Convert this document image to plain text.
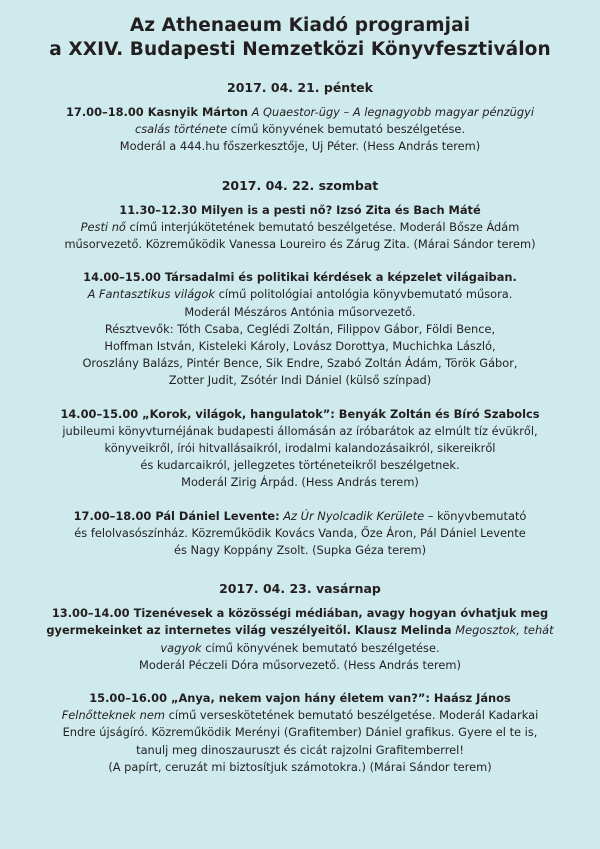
Az Athenaeum Kiadó programjai

a XXIV. Budapesti Nemzetközi Könyvfesztiválon

2017. 04. 21. péntek

17.00–18.00 Kasnyik Márton A Quaestor-ügy – A legnagyobb magyar pénzügyi

csalás története című könyvének bemutató beszélgetése.

Moderál a 444.hu főszerkesztője, Uj Péter. (Hess András terem)

2017. 04. 22. szombat

11.30–12.30 Milyen is a pesti nő? Izsó Zita és Bach Máté

Pesti nő című interjúkötetének bemutató beszélgetése. Moderál Bősze Ádám

műsorvezető. Közreműködik Vanessa Loureiro és Zárug Zita. (Márai Sándor terem)

14.00–15.00 Társadalmi és politikai kérdések a képzelet világaiban.

A Fantasztikus világok című politológiai antológia könyvbemutató műsora.

Moderál Mészáros Antónia műsorvezető.

Résztvevők: Tóth Csaba, Ceglédi Zoltán, Filippov Gábor, Földi Bence,

Hoffman István, Kisteleki Károly, Lovász Dorottya, Muchichka László,

Oroszlány Balázs, Pintér Bence, Sik Endre, Szabó Zoltán Ádám, Török Gábor,

Zotter Judit, Zsótér Indi Dániel (külső színpad)

14.00–15.00 „Korok, világok, hangulatok”: Benyák Zoltán és Bíró Szabolcs

jubileumi könyvturnéjának budapesti állomásán az íróbarátok az elmúlt tíz évükről,

könyveikről, írói hitvallásaikról, irodalmi kalandozásaikról, sikereikről

és kudarcaikról, jellegzetes történeteikről beszélgetnek.

Moderál Zirig Árpád. (Hess András terem)

17.00–18.00 Pál Dániel Levente: Az Úr Nyolcadik Kerülete – könyvbemutató

és felolvasószínház. Közreműködik Kovács Vanda, Őze Áron, Pál Dániel Levente

és Nagy Koppány Zsolt. (Supka Géza terem)

2017. 04. 23. vasárnap

13.00–14.00 Tizenévesek a közösségi médiában, avagy hogyan óvhatjuk meg

gyermekeinket az internetes világ veszélyeitől. Klausz Melinda Megosztok, tehát

vagyok című könyvének bemutató beszélgetése.

Moderál Péczeli Dóra műsorvezető. (Hess András terem)

15.00–16.00 „Anya, nekem vajon hány életem van?”: Haász János

Felnőtteknek nem című verseskötetének bemutató beszélgetése. Moderál Kadarkai

Endre újságíró. Közreműködik Merényi (Grafitember) Dániel grafikus. Gyere el te is,

tanulj meg dinoszauruszt és cicát rajzolni Grafitemberrel!

(A papírt, ceruzát mi biztosítjuk számotokra.) (Márai Sándor terem)
